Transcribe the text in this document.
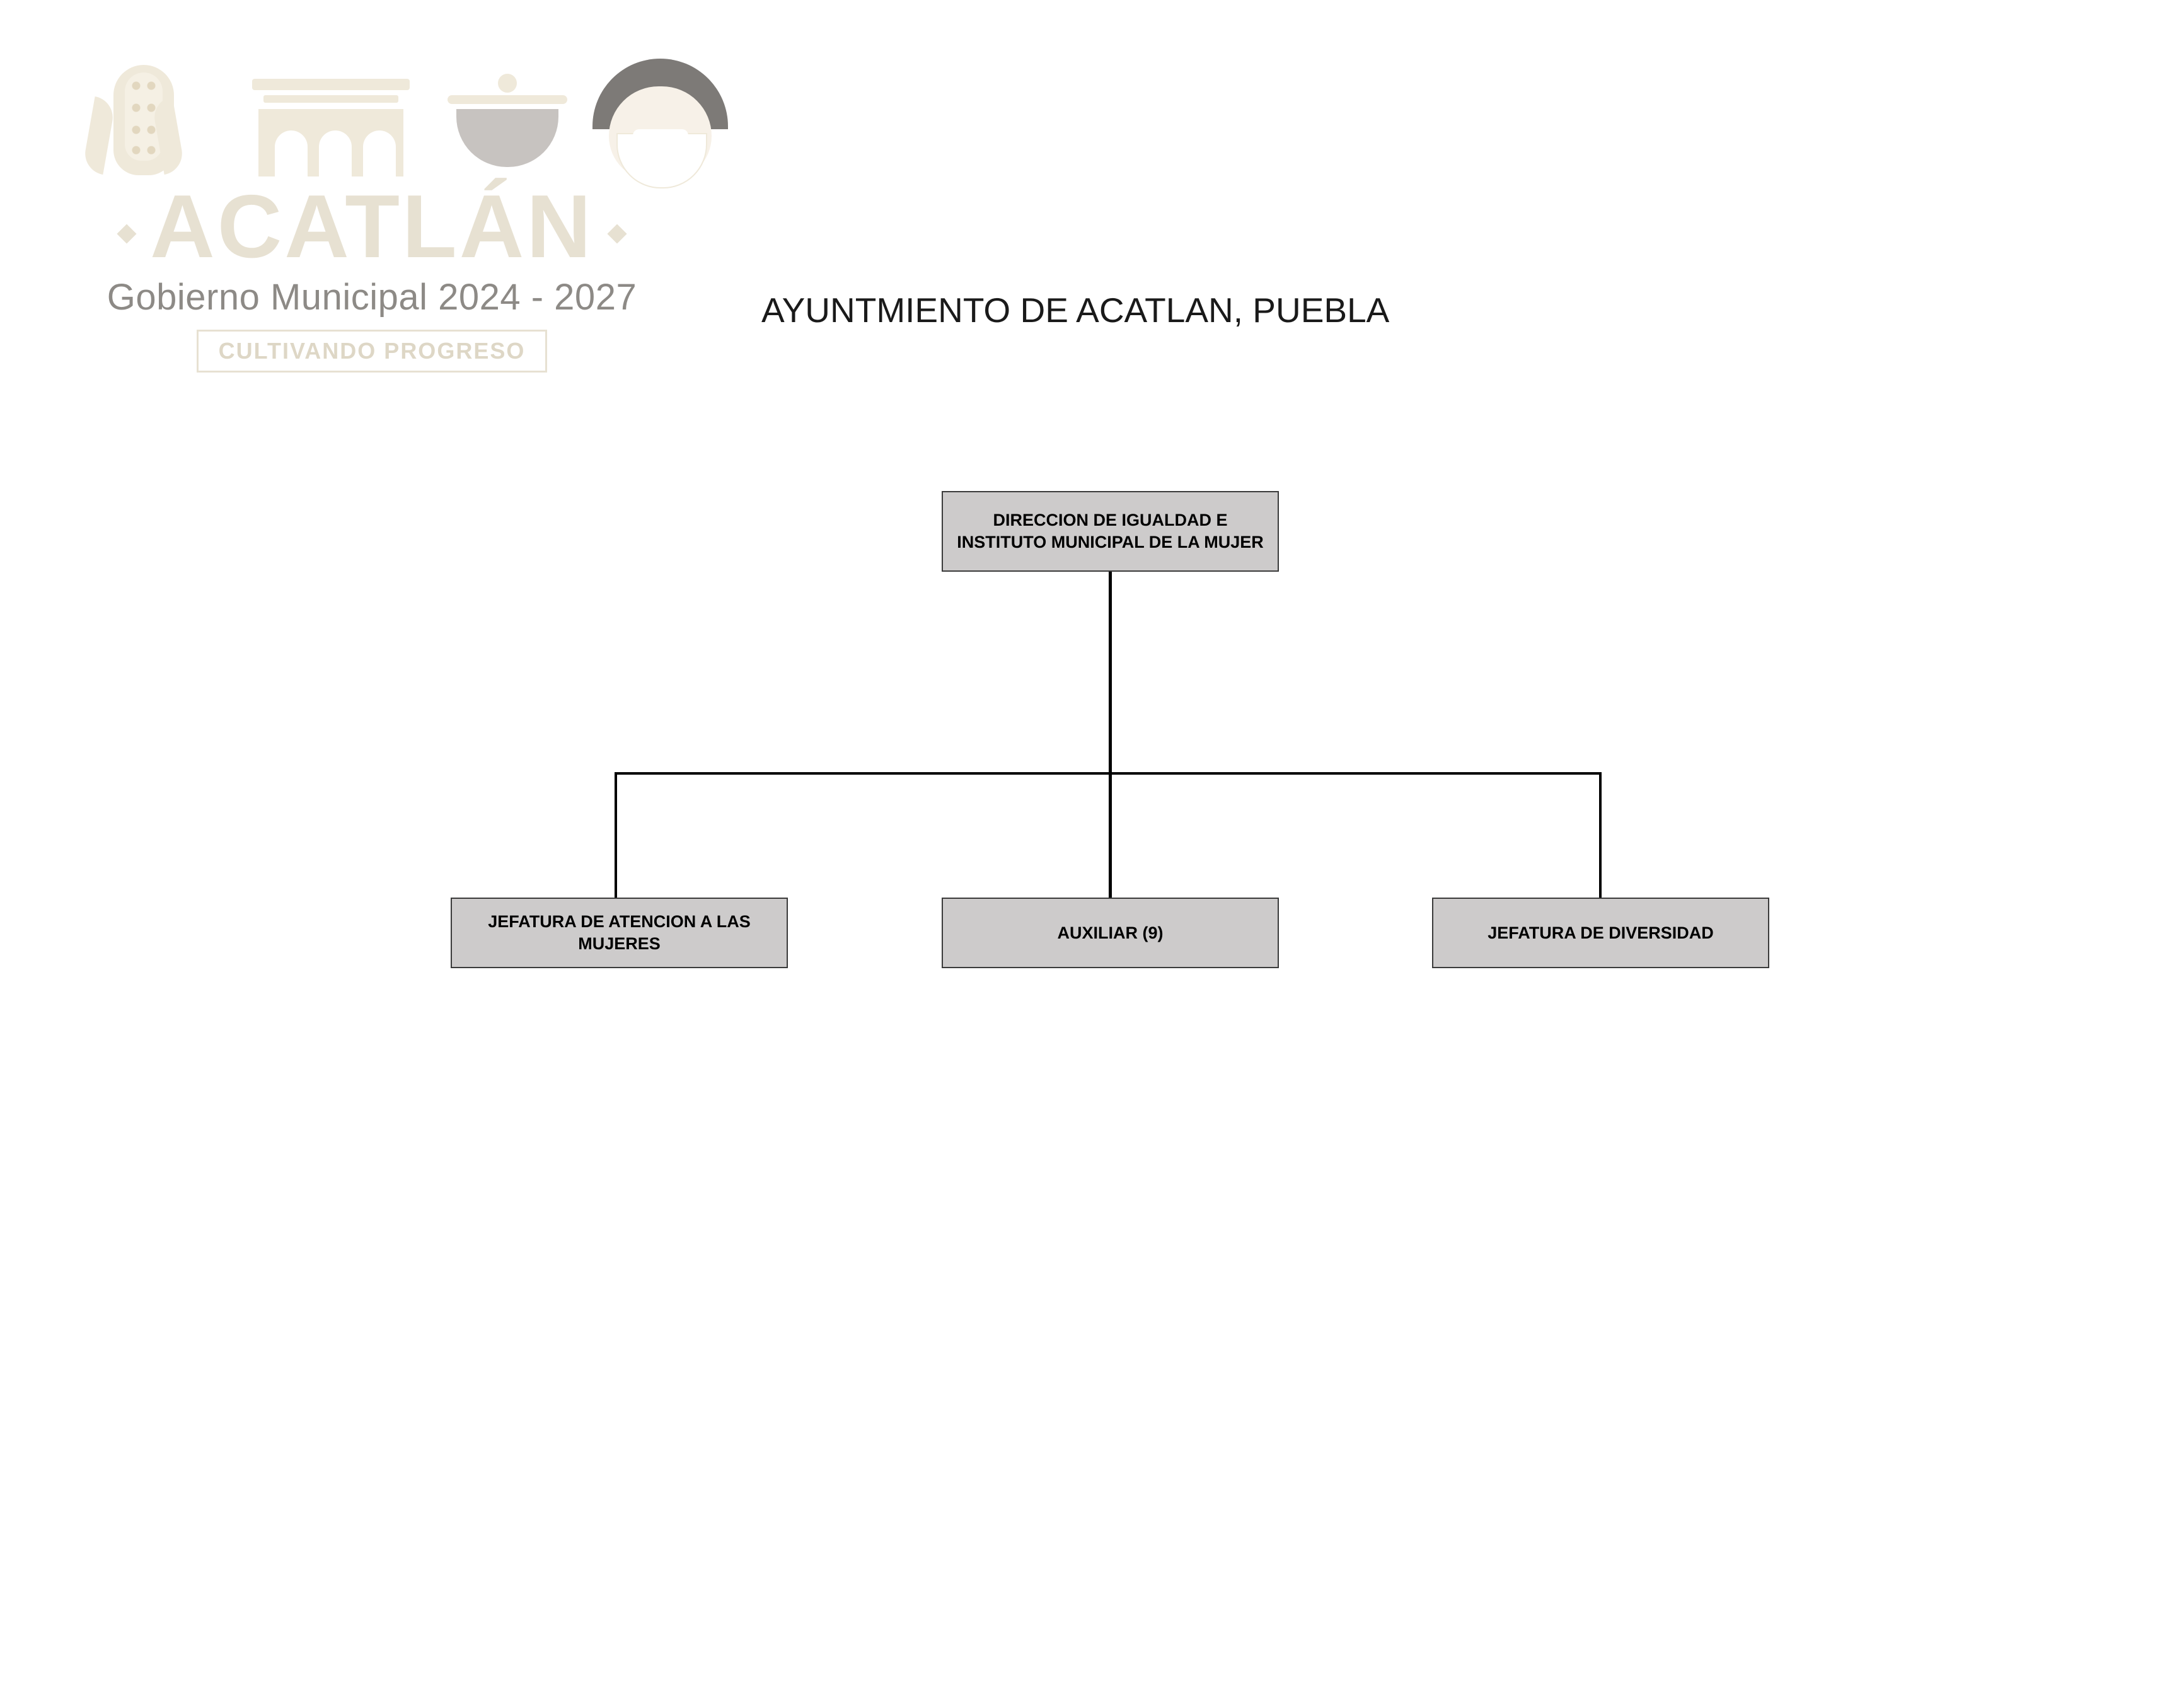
ACATLÁN
Gobierno Municipal 2024 - 2027
CULTIVANDO PROGRESO
AYUNTMIENTO DE ACATLAN, PUEBLA
DIRECCION DE IGUALDAD E INSTITUTO MUNICIPAL DE LA MUJER
JEFATURA DE ATENCION A LAS MUJERES
AUXILIAR (9)	JEFATURA DE DIVERSIDAD
